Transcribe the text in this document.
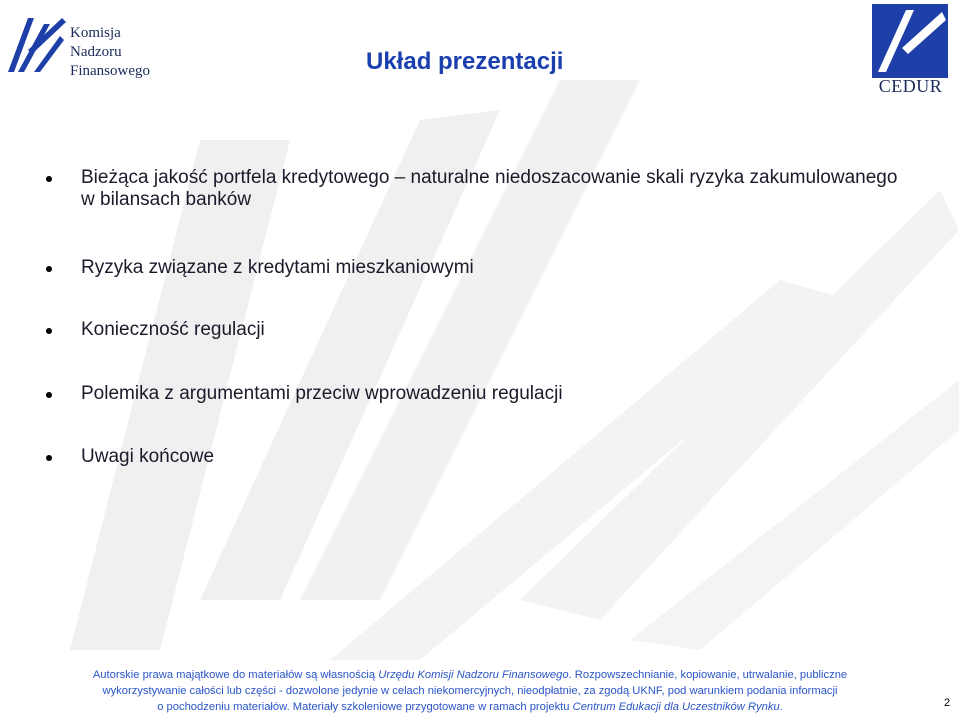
Komisja
Nadzoru
Finansowego	Układ prezentacji
CEDUR
Bieżąca jakość portfela kredytowego – naturalne niedoszacowanie skali ryzyka zakumulowanego w bilansach banków
Ryzyka związane z kredytami mieszkaniowymi
Konieczność regulacji
Polemika z argumentami przeciw wprowadzeniu regulacji
Uwagi końcowe
Autorskie prawa majątkowe do materiałów są własnością Urzędu Komisji Nadzoru Finansowego. Rozpowszechnianie, kopiowanie, utrwalanie, publiczne
wykorzystywanie całości lub części - dozwolone jedynie w celach niekomercyjnych, nieodpłatnie, za zgodą UKNF, pod warunkiem podania informacji
o pochodzeniu materiałów. Materiały szkoleniowe przygotowane w ramach projektu Centrum Edukacji dla Uczestników Rynku.	2
